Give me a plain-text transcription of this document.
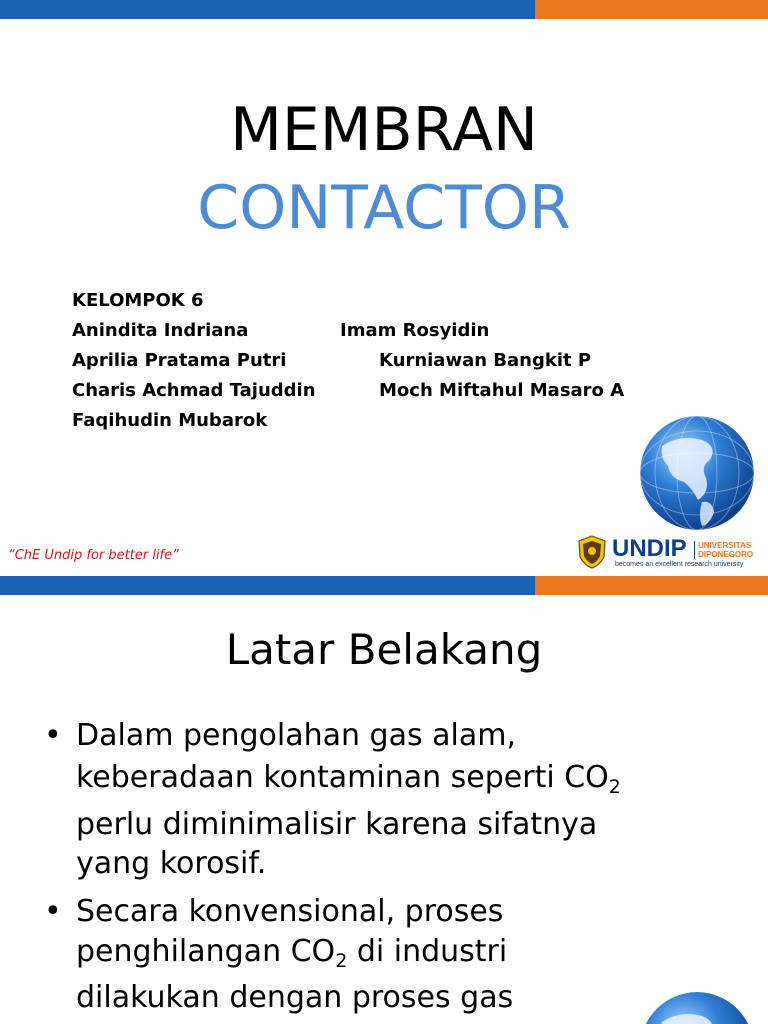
MEMBRAN
CONTACTOR
KELOMPOK 6
Anindita Indriana
Aprilia Pratama Putri
Charis Achmad Tajuddin
Faqihudin Mubarok
Imam Rosyidin
Kurniawan Bangkit P
Moch Miftahul Masaro A
“ChE Undip for better life”	UNDIP UNIVERSITAS
DIPONEGORO
becomes an excellent research university
Latar Belakang
• Dalam pengolahan gas alam,
keberadaan kontaminan seperti $CO_2$
perlu diminimalisir karena sifatnya
yang korosif.
• Secara konvensional, proses
penghilangan $CO_2$ di industri
dilakukan dengan proses gas
